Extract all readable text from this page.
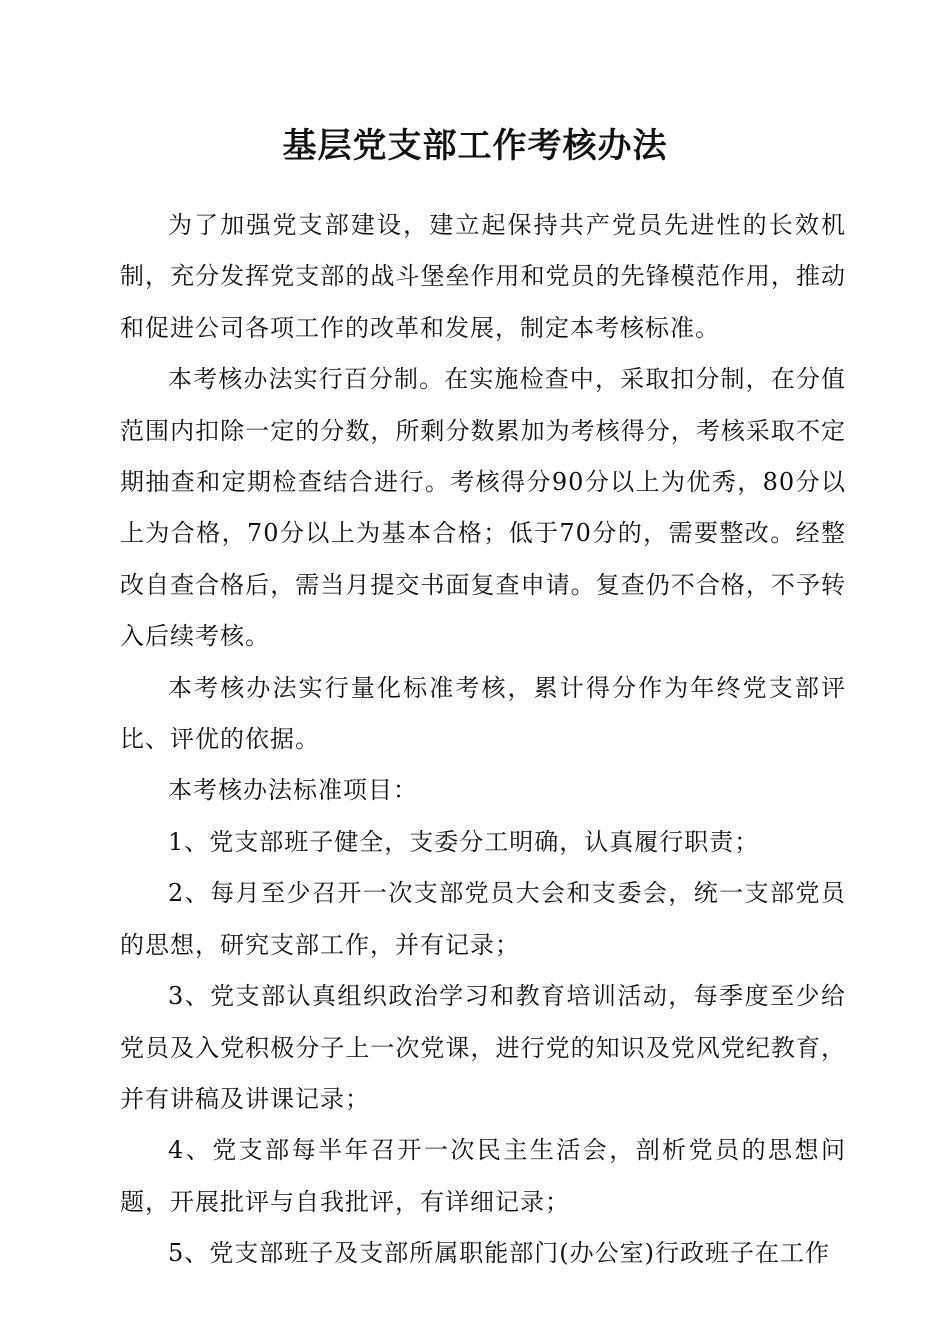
基层党支部工作考核办法

为了加强党支部建设，建立起保持共产党员先进性的长效机制，充分发挥党支部的战斗堡垒作用和党员的先锋模范作用，推动和促进公司各项工作的改革和发展，制定本考核标准。

本考核办法实行百分制。在实施检查中，采取扣分制，在分值范围内扣除一定的分数，所剩分数累加为考核得分，考核采取不定期抽查和定期检查结合进行。考核得分90分以上为优秀，80分以上为合格，70分以上为基本合格；低于70分的，需要整改。经整改自查合格后，需当月提交书面复查申请。复查仍不合格，不予转入后续考核。

本考核办法实行量化标准考核，累计得分作为年终党支部评比、评优的依据。

本考核办法标准项目：

1、党支部班子健全，支委分工明确，认真履行职责；

2、每月至少召开一次支部党员大会和支委会，统一支部党员的思想，研究支部工作，并有记录；

3、党支部认真组织政治学习和教育培训活动，每季度至少给党员及入党积极分子上一次党课，进行党的知识及党风党纪教育，并有讲稿及讲课记录；

4、党支部每半年召开一次民主生活会，剖析党员的思想问题，开展批评与自我批评，有详细记录；

5、党支部班子及支部所属职能部门(办公室)行政班子在工作
